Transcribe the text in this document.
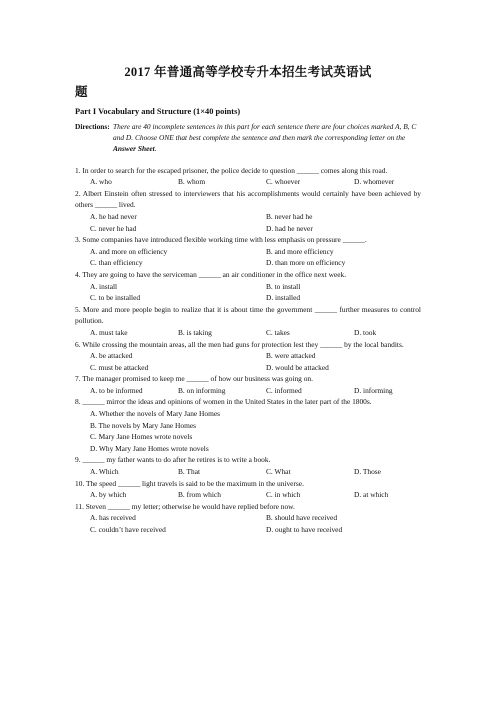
2017 年普通高等学校专升本招生考试英语试
题
Part I Vocabulary and Structure (1×40 points)
Directions: There are 40 incomplete sentences in this part for each sentence there are four choices marked A, B, C and D. Choose ONE that best complete the sentence and then mark the corresponding letter on the Answer Sheet.
1. In order to search for the escaped prisoner, the police decide to question ______ comes along this road.
A. who	B. whom	C. whoever	D. whomever
2. Albert Einstein often stressed to interviewers that his accomplishments would certainly have been achieved by others ______ lived.
A. he had never	B. never had he
C. never he had	D. had he never
3. Some companies have introduced flexible working time with less emphasis on pressure ______.
A. and more on efficiency	B. and more efficiency
C. than efficiency	D. than more on efficiency
4. They are going to have the serviceman ______ an air conditioner in the office next week.
A. install	B. to install
C. to be installed	D. installed
5. More and more people begin to realize that it is about time the government ______ further measures to control pollution.
A. must take	B. is taking	C. takes	D. took
6. While crossing the mountain areas, all the men had guns for protection lest they ______ by the local bandits.
A. be attacked	B. were attacked
C. must be attacked	D. would be attacked
7. The manager promised to keep me ______ of how our business was going on.
A. to be informed	B. on informing	C. informed	D. informing
8. ______ mirror the ideas and opinions of women in the United States in the later part of the 1800s.
A. Whether the novels of Mary Jane Homes
B. The novels by Mary Jane Homes
C. Mary Jane Homes wrote novels
D. Why Mary Jane Homes wrote novels
9. ______ my father wants to do after he retires is to write a book.
A. Which	B. That	C. What	D. Those
10. The speed ______ light travels is said to be the maximum in the universe.
A. by which	B. from which	C. in which	D. at which
11. Steven ______ my letter; otherwise he would have replied before now.
A. has received	B. should have received
C. couldn’t have received	D. ought to have received
